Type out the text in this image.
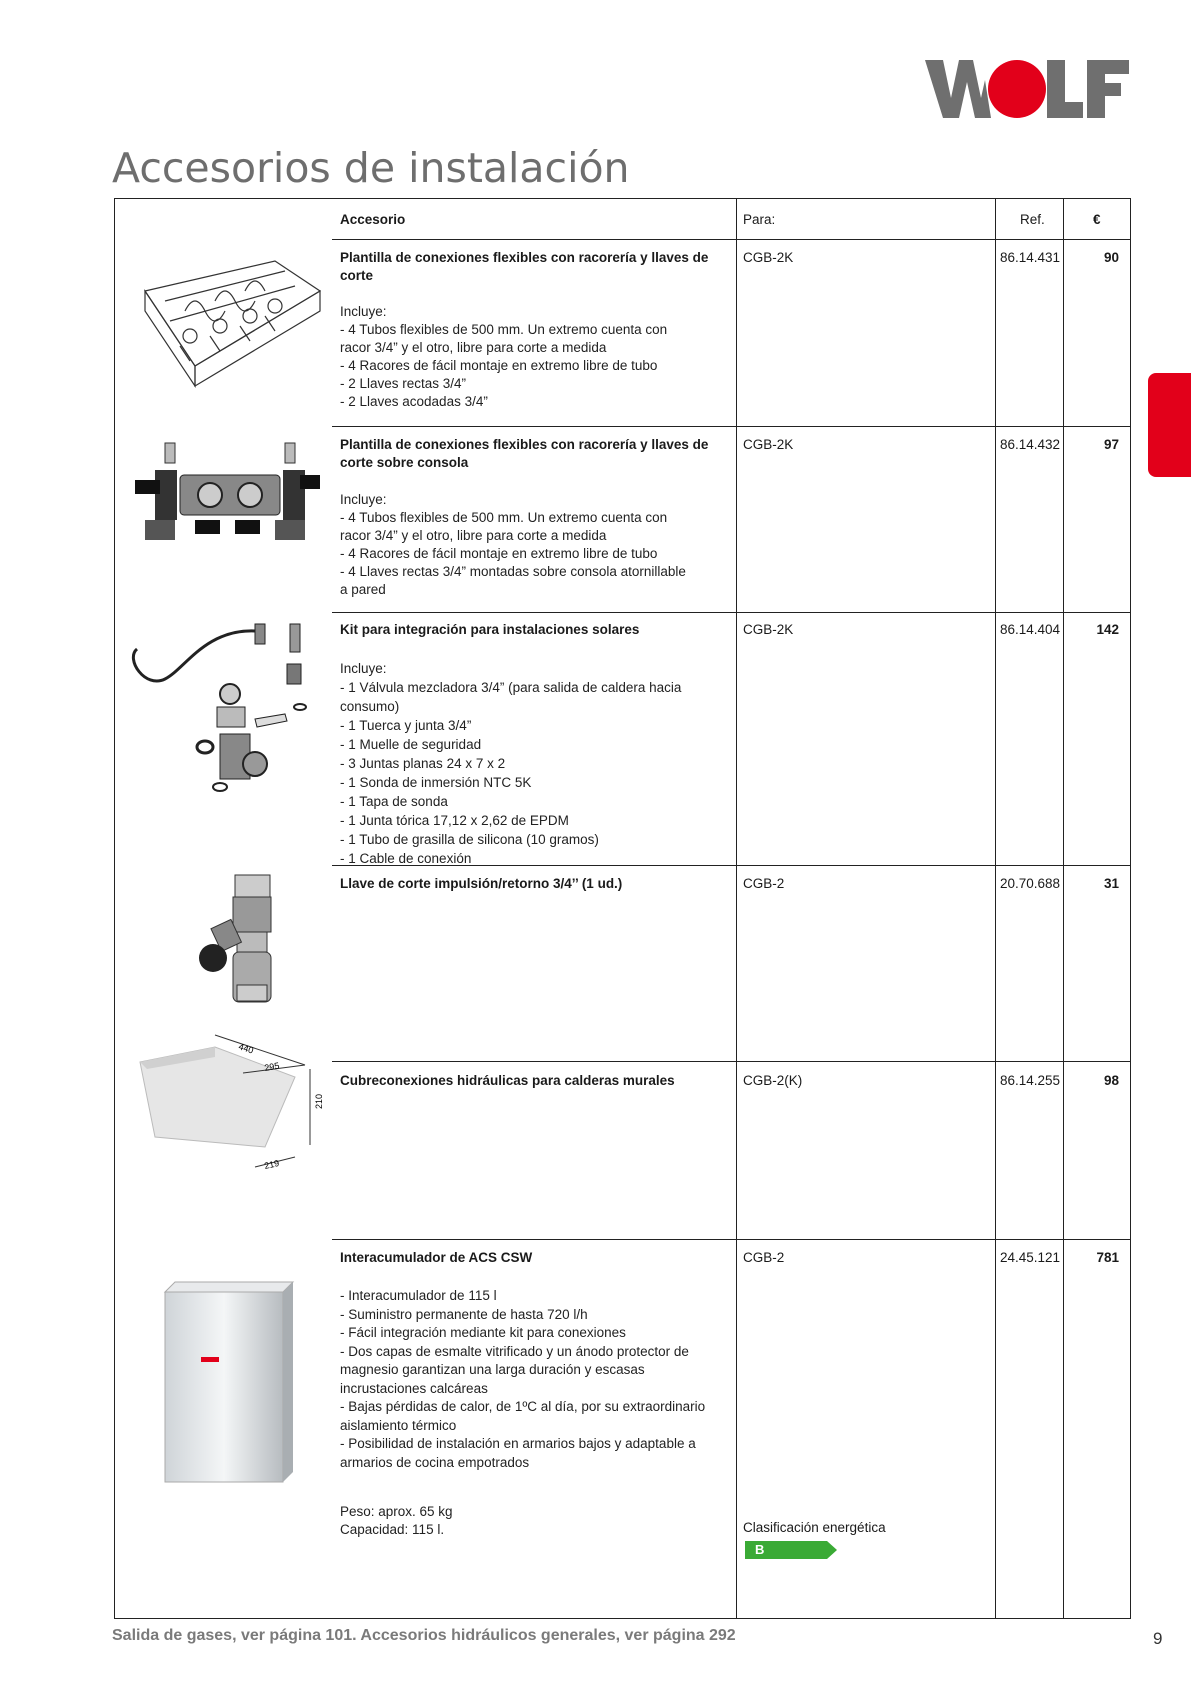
Accesorios de instalación
Accesorio	Para:	Ref.	€
Plantilla de conexiones flexibles con racorería y llaves de corte
Incluye:
- 4 Tubos flexibles de 500 mm. Un extremo cuenta con
racor 3/4” y el otro, libre para corte a medida
- 4 Racores de fácil montaje en extremo libre de tubo
- 2 Llaves rectas 3/4”
- 2 Llaves acodadas 3/4”
CGB-2K	86.14.431	90
Plantilla de conexiones flexibles con racorería y llaves de corte sobre consola
Incluye:
- 4 Tubos flexibles de 500 mm. Un extremo cuenta con
racor 3/4” y el otro, libre para corte a medida
- 4 Racores de fácil montaje en extremo libre de tubo
- 4 Llaves rectas 3/4” montadas sobre consola atornillable
a pared
CGB-2K	86.14.432	97
Kit para integración para instalaciones solares
Incluye:
- 1 Válvula mezcladora 3/4” (para salida de caldera hacia consumo)
- 1 Tuerca y junta 3/4”
- 1 Muelle de seguridad
- 3 Juntas planas 24 x 7 x 2
- 1 Sonda de inmersión NTC 5K
- 1 Tapa de sonda
- 1 Junta tórica 17,12 x 2,62 de EPDM
- 1 Tubo de grasilla de silicona (10 gramos)
- 1 Cable de conexión
CGB-2K	86.14.404	142
Llave de corte impulsión/retorno 3/4’’ (1 ud.)	CGB-2	20.70.688	31
Cubreconexiones hidráulicas para calderas murales	CGB-2(K)	86.14.255	98
Interacumulador de ACS CSW
- Interacumulador de 115 l
- Suministro permanente de hasta 720 l/h
- Fácil integración mediante kit para conexiones
- Dos capas de esmalte vitrificado y un ánodo protector de
magnesio garantizan una larga duración y escasas
incrustaciones calcáreas
- Bajas pérdidas de calor, de 1ºC al día, por su extraordinario
aislamiento térmico
- Posibilidad de instalación en armarios bajos y adaptable a
armarios de cocina empotrados
Peso: aprox. 65 kg
Capacidad: 115 l.
CGB-2	24.45.121	781
Clasificación energética
B
440
295
210
219
Salida de gases, ver página 101. Accesorios hidráulicos generales, ver página 292	9
